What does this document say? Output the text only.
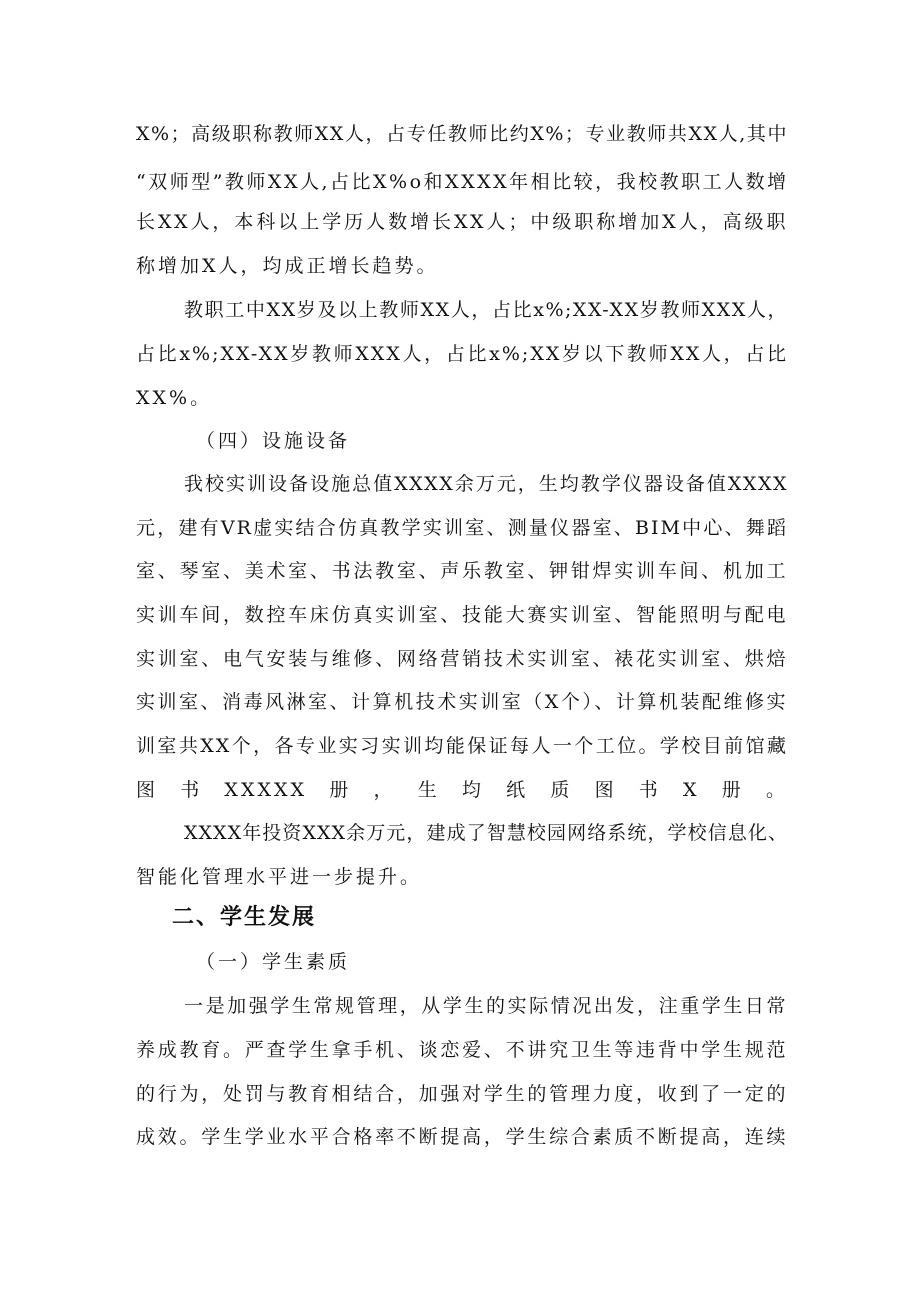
X%；高级职称教师XX人，占专任教师比约X%；专业教师共XX人,其中
“双师型”教师XX人,占比X%o和XXXX年相比较，我校教职工人数增
长XX人，本科以上学历人数增长XX人；中级职称增加X人，高级职
称增加X人，均成正增长趋势。
教职工中XX岁及以上教师XX人，占比x%;XX-XX岁教师XXX人，
占比x%;XX-XX岁教师XXX人，占比x%;XX岁以下教师XX人，占比
XX%。
（四）设施设备
我校实训设备设施总值XXXX余万元，生均教学仪器设备值XXXX
元，建有VR虚实结合仿真教学实训室、测量仪器室、BIM中心、舞蹈
室、琴室、美术室、书法教室、声乐教室、钾钳焊实训车间、机加工
实训车间，数控车床仿真实训室、技能大赛实训室、智能照明与配电
实训室、电气安装与维修、网络营销技术实训室、裱花实训室、烘焙
实训室、消毒风淋室、计算机技术实训室（X个）、计算机装配维修实
训室共XX个，各专业实习实训均能保证每人一个工位。学校目前馆藏
图书XXXXX册，生均纸质图书X册。
XXXX年投资XXX余万元，建成了智慧校园网络系统，学校信息化、
智能化管理水平进一步提升。
二、学生发展
（一）学生素质
一是加强学生常规管理，从学生的实际情况出发，注重学生日常
养成教育。严查学生拿手机、谈恋爱、不讲究卫生等违背中学生规范
的行为，处罚与教育相结合，加强对学生的管理力度，收到了一定的
成效。学生学业水平合格率不断提高，学生综合素质不断提高，连续
